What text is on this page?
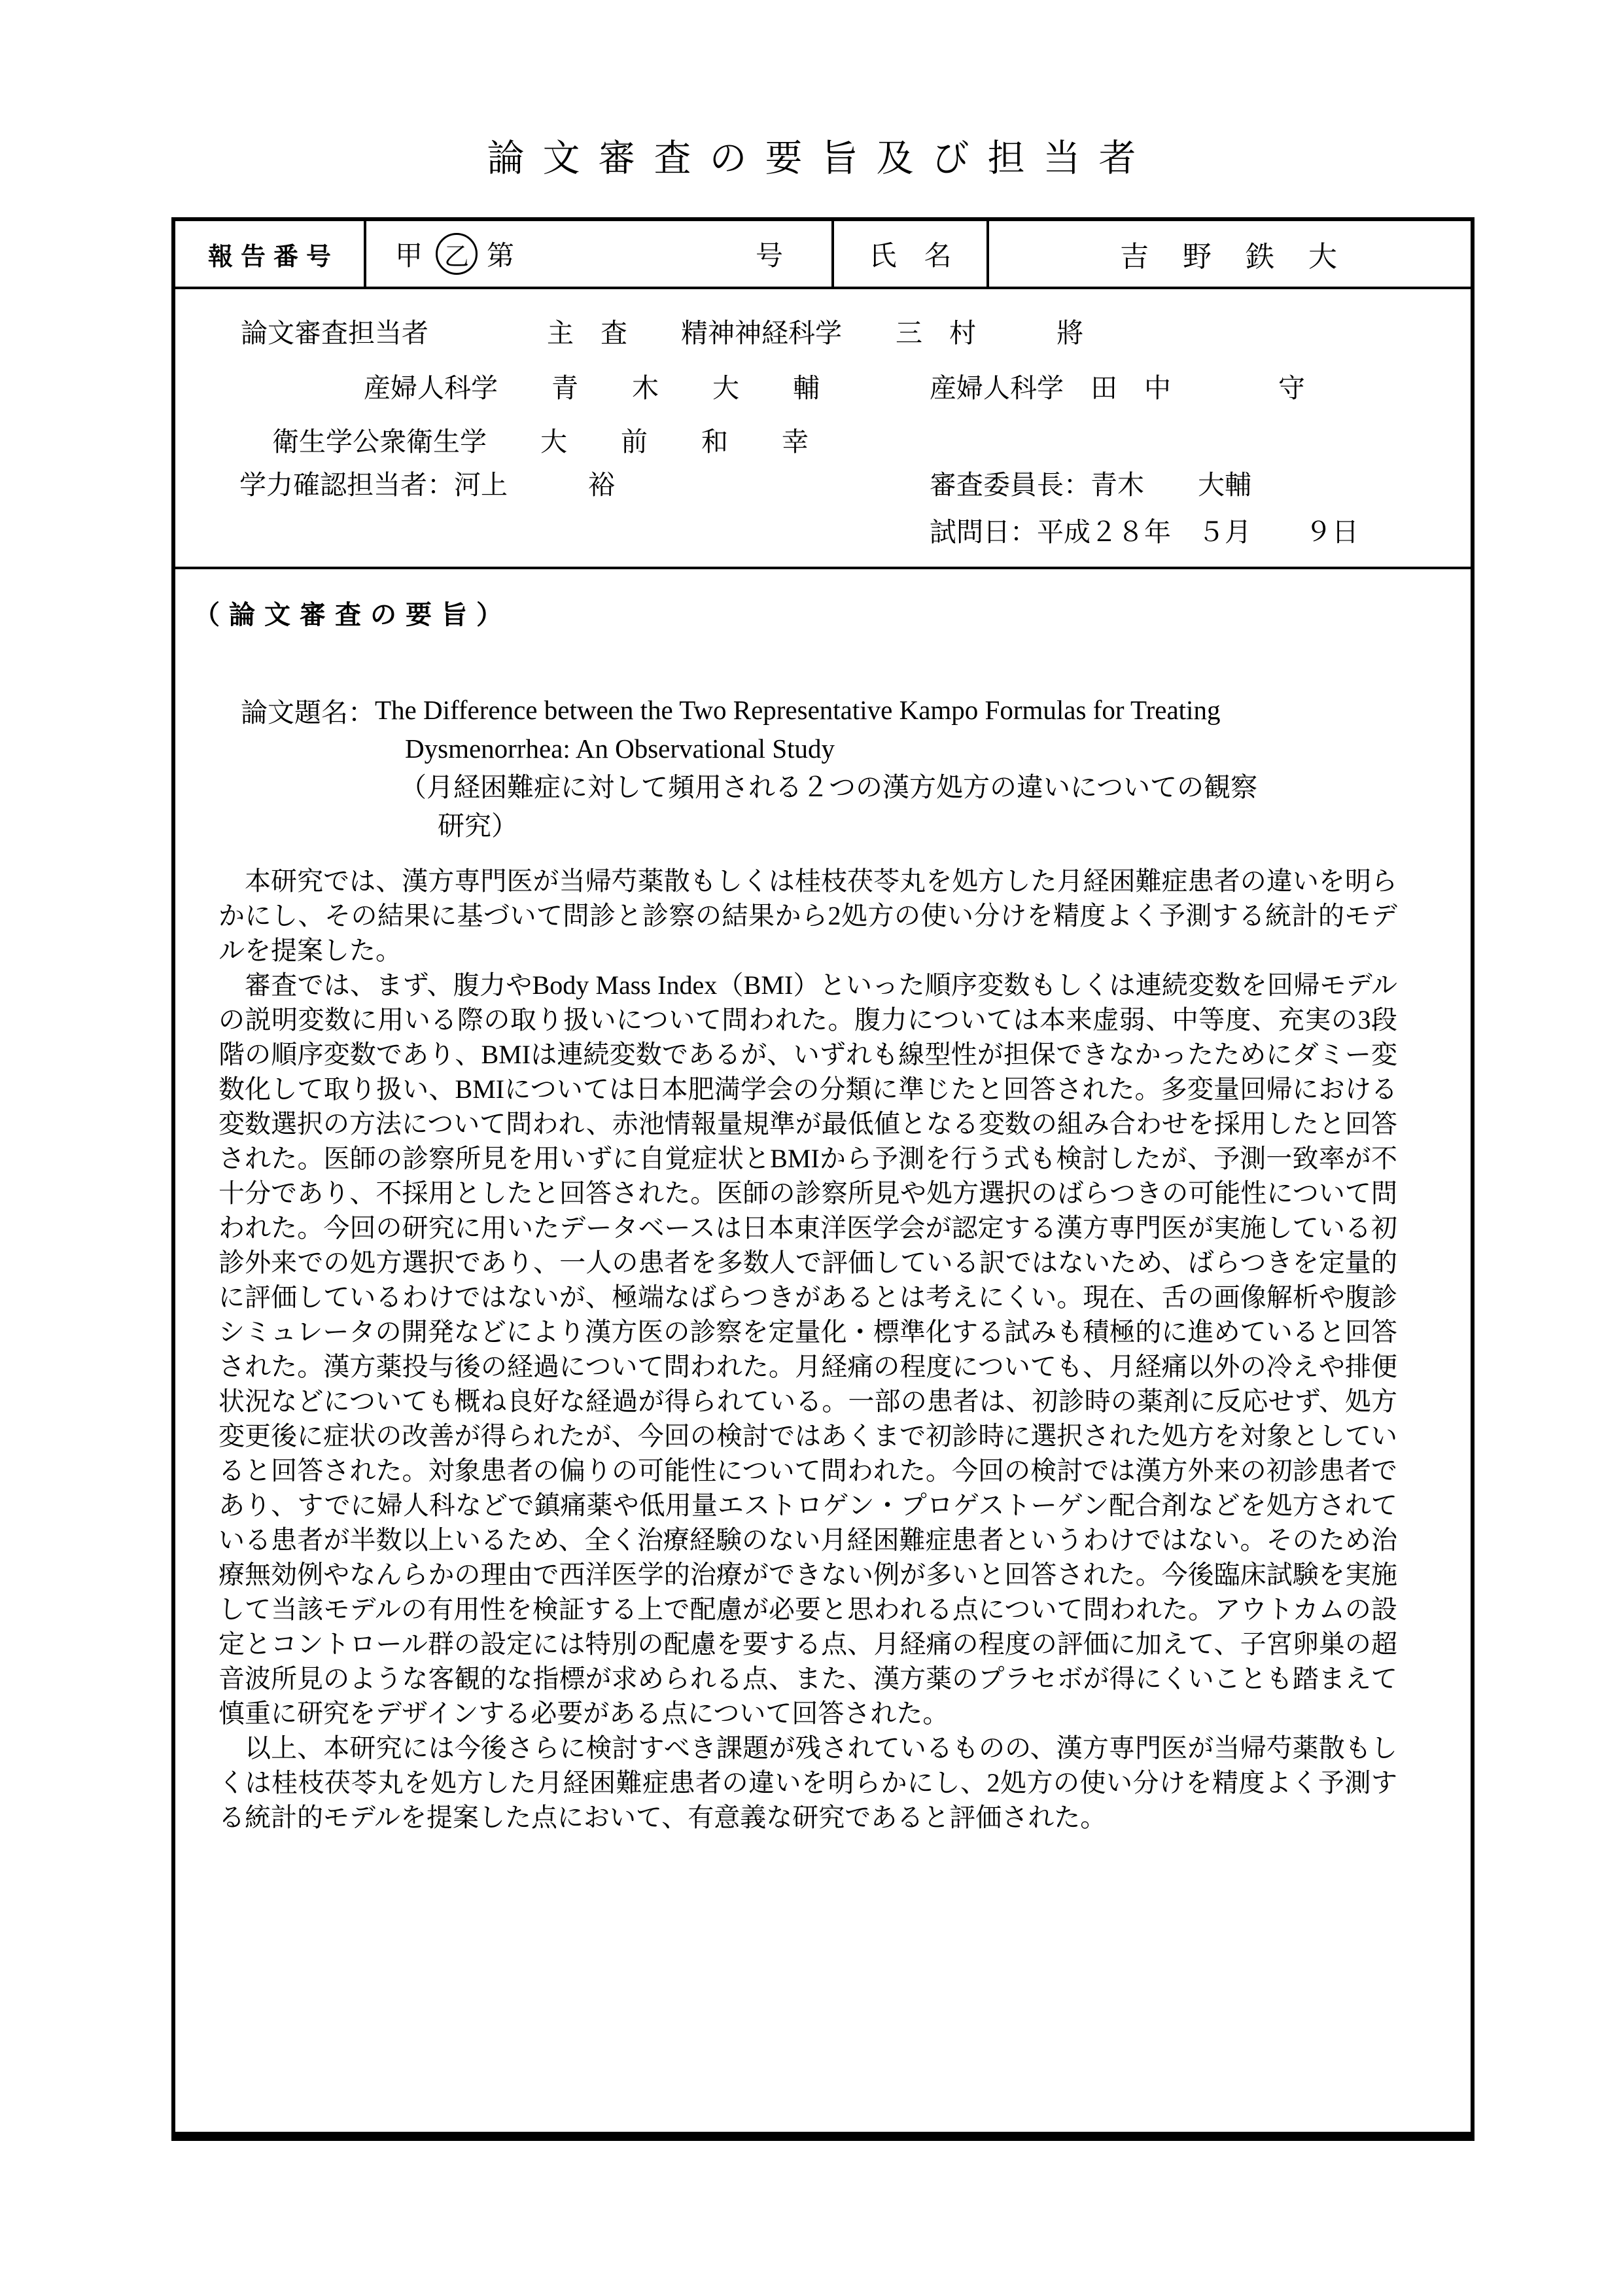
論文審査の要旨及び担当者
報告番号	甲 乙 第	号	氏　名	吉　野　鉄　大
論文審査担当者	主　査　　精神神経科学　　三　村　　　將
産婦人科学　　青　　木　　大　　輔	産婦人科学　田　中　　　　守
衛生学公衆衛生学　　大　　前　　和　　幸
学力確認担当者：河上　　　裕	審査委員長：青木　　大輔
試問日：平成２８年　５月　　９日
（論文審査の要旨）
論文題名： The Difference between the Two Representative Kampo Formulas for Treating
Dysmenorrhea: An Observational Study
（月経困難症に対して頻用される２つの漢方処方の違いについての観察
研究）

本研究では、漢方専門医が当帰芍薬散もしくは桂枝茯苓丸を処方した月経困難症患者の違いを明らかにし、その結果に基づいて問診と診察の結果から2処方の使い分けを精度よく予測する統計的モデルを提案した。

審査では、まず、腹力やBody Mass Index（BMI）といった順序変数もしくは連続変数を回帰モデルの説明変数に用いる際の取り扱いについて問われた。腹力については本来虚弱、中等度、充実の3段階の順序変数であり、BMIは連続変数であるが、いずれも線型性が担保できなかったためにダミー変数化して取り扱い、BMIについては日本肥満学会の分類に準じたと回答された。多変量回帰における変数選択の方法について問われ、赤池情報量規準が最低値となる変数の組み合わせを採用したと回答された。医師の診察所見を用いずに自覚症状とBMIから予測を行う式も検討したが、予測一致率が不十分であり、不採用としたと回答された。医師の診察所見や処方選択のばらつきの可能性について問われた。今回の研究に用いたデータベースは日本東洋医学会が認定する漢方専門医が実施している初診外来での処方選択であり、一人の患者を多数人で評価している訳ではないため、ばらつきを定量的に評価しているわけではないが、極端なばらつきがあるとは考えにくい。現在、舌の画像解析や腹診シミュレータの開発などにより漢方医の診察を定量化・標準化する試みも積極的に進めていると回答された。漢方薬投与後の経過について問われた。月経痛の程度についても、月経痛以外の冷えや排便状況などについても概ね良好な経過が得られている。一部の患者は、初診時の薬剤に反応せず、処方変更後に症状の改善が得られたが、今回の検討ではあくまで初診時に選択された処方を対象としていると回答された。対象患者の偏りの可能性について問われた。今回の検討では漢方外来の初診患者であり、すでに婦人科などで鎮痛薬や低用量エストロゲン・プロゲストーゲン配合剤などを処方されている患者が半数以上いるため、全く治療経験のない月経困難症患者というわけではない。そのため治療無効例やなんらかの理由で西洋医学的治療ができない例が多いと回答された。今後臨床試験を実施して当該モデルの有用性を検証する上で配慮が必要と思われる点について問われた。アウトカムの設定とコントロール群の設定には特別の配慮を要する点、月経痛の程度の評価に加えて、子宮卵巣の超音波所見のような客観的な指標が求められる点、また、漢方薬のプラセボが得にくいことも踏まえて慎重に研究をデザインする必要がある点について回答された。

以上、本研究には今後さらに検討すべき課題が残されているものの、漢方専門医が当帰芍薬散もしくは桂枝茯苓丸を処方した月経困難症患者の違いを明らかにし、2処方の使い分けを精度よく予測する統計的モデルを提案した点において、有意義な研究であると評価された。
